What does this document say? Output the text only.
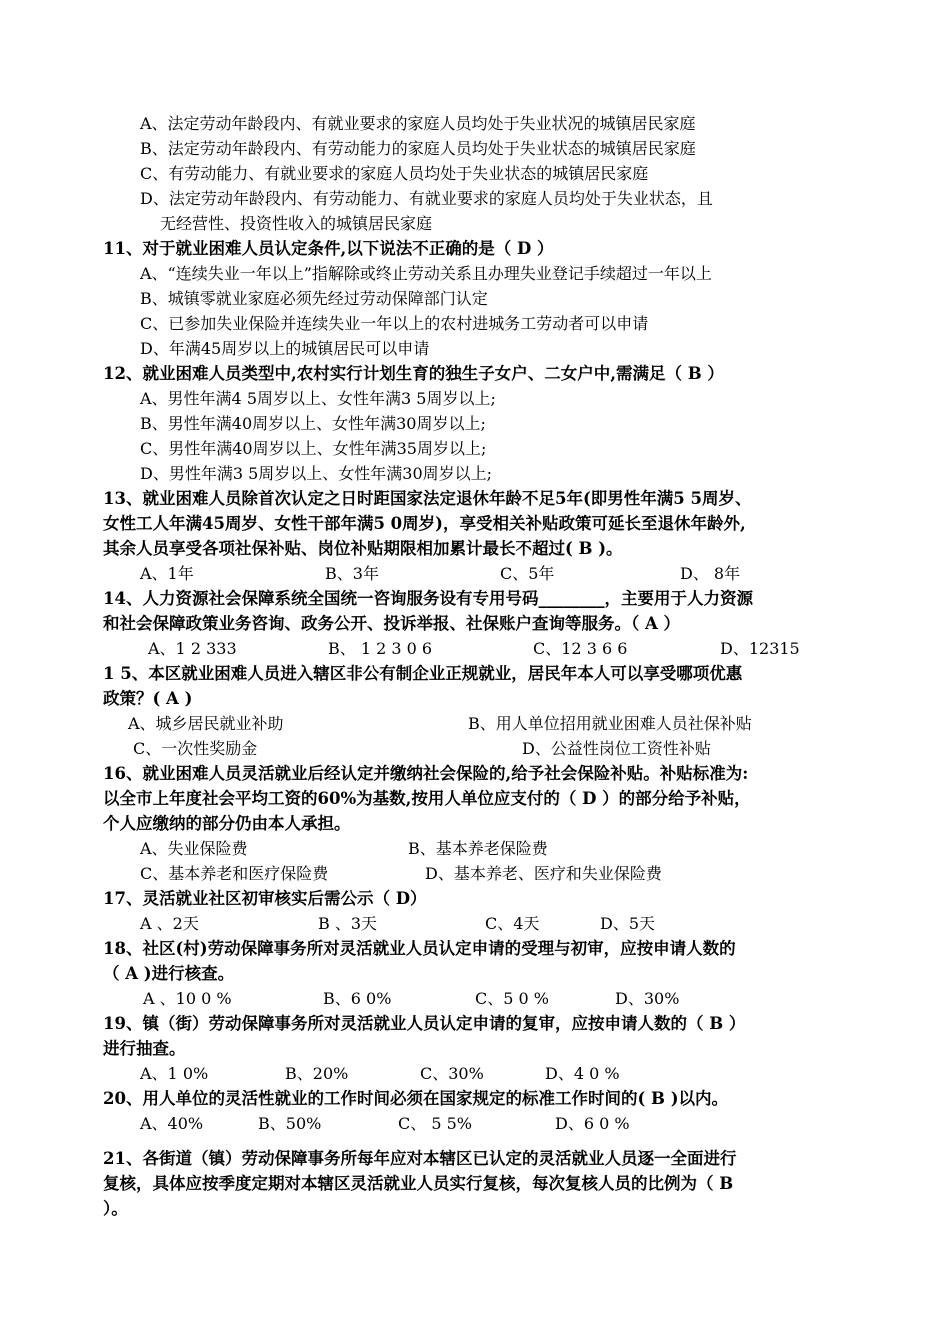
A、法定劳动年龄段内、有就业要求的家庭人员均处于失业状况的城镇居民家庭
B、法定劳动年龄段内、有劳动能力的家庭人员均处于失业状态的城镇居民家庭
C、有劳动能力、有就业要求的家庭人员均处于失业状态的城镇居民家庭
D、法定劳动年龄段内、有劳动能力、有就业要求的家庭人员均处于失业状态，且
无经营性、投资性收入的城镇居民家庭
11、对于就业困难人员认定条件,以下说法不正确的是（ D ）
A、“连续失业一年以上”指解除或终止劳动关系且办理失业登记手续超过一年以上
B、城镇零就业家庭必须先经过劳动保障部门认定
C、已参加失业保险并连续失业一年以上的农村进城务工劳动者可以申请
D、年满45周岁以上的城镇居民可以申请
12、就业困难人员类型中,农村实行计划生育的独生子女户、二女户中,需满足（ B ）
A、男性年满4 5周岁以上、女性年满3 5周岁以上;
B、男性年满40周岁以上、女性年满30周岁以上;
C、男性年满40周岁以上、女性年满35周岁以上;
D、男性年满3 5周岁以上、女性年满30周岁以上;
13、就业困难人员除首次认定之日时距国家法定退休年龄不足5年(即男性年满5 5周岁、
女性工人年满45周岁、女性干部年满5 0周岁)，享受相关补贴政策可延长至退休年龄外,
其余人员享受各项社保补贴、岗位补贴期限相加累计最长不超过( B )。
A、1年	B、3年	C、5年	D、 8年
14、人力资源社会保障系统全国统一咨询服务设有专用号码________，主要用于人力资源
和社会保障政策业务咨询、政务公开、投诉举报、社保账户查询等服务。（ A ）
A、1 2 333	B、 1 2 3 0 6	C、12 3 6 6	D、12315
1 5、本区就业困难人员进入辖区非公有制企业正规就业，居民年本人可以享受哪项优惠
政策？( A )
A、城乡居民就业补助	B、用人单位招用就业困难人员社保补贴
C、一次性奖励金	D、公益性岗位工资性补贴
16、就业困难人员灵活就业后经认定并缴纳社会保险的,给予社会保险补贴。补贴标准为:
以全市上年度社会平均工资的60%为基数,按用人单位应支付的（ D ）的部分给予补贴，
个人应缴纳的部分仍由本人承担。
A、失业保险费	B、基本养老保险费
C、基本养老和医疗保险费	D、基本养老、医疗和失业保险费
17、灵活就业社区初审核实后需公示（ D）
A 、2天	B 、3天	C、4天	D、5天
18、社区(村)劳动保障事务所对灵活就业人员认定申请的受理与初审，应按申请人数的
（ A )进行核查。
A 、10 0 %	B、6 0%	C、5 0 %	D、30%
19、镇（街）劳动保障事务所对灵活就业人员认定申请的复审，应按申请人数的（ B ）
进行抽查。
A、1 0%	B、20%	C、30%	D、4 0 %
20、用人单位的灵活性就业的工作时间必须在国家规定的标准工作时间的( B )以内。
A、40%	B、50%	C、 5 5%	D、6 0 %
21、各街道（镇）劳动保障事务所每年应对本辖区已认定的灵活就业人员逐一全面进行
复核，具体应按季度定期对本辖区灵活就业人员实行复核，每次复核人员的比例为（ B
）。
